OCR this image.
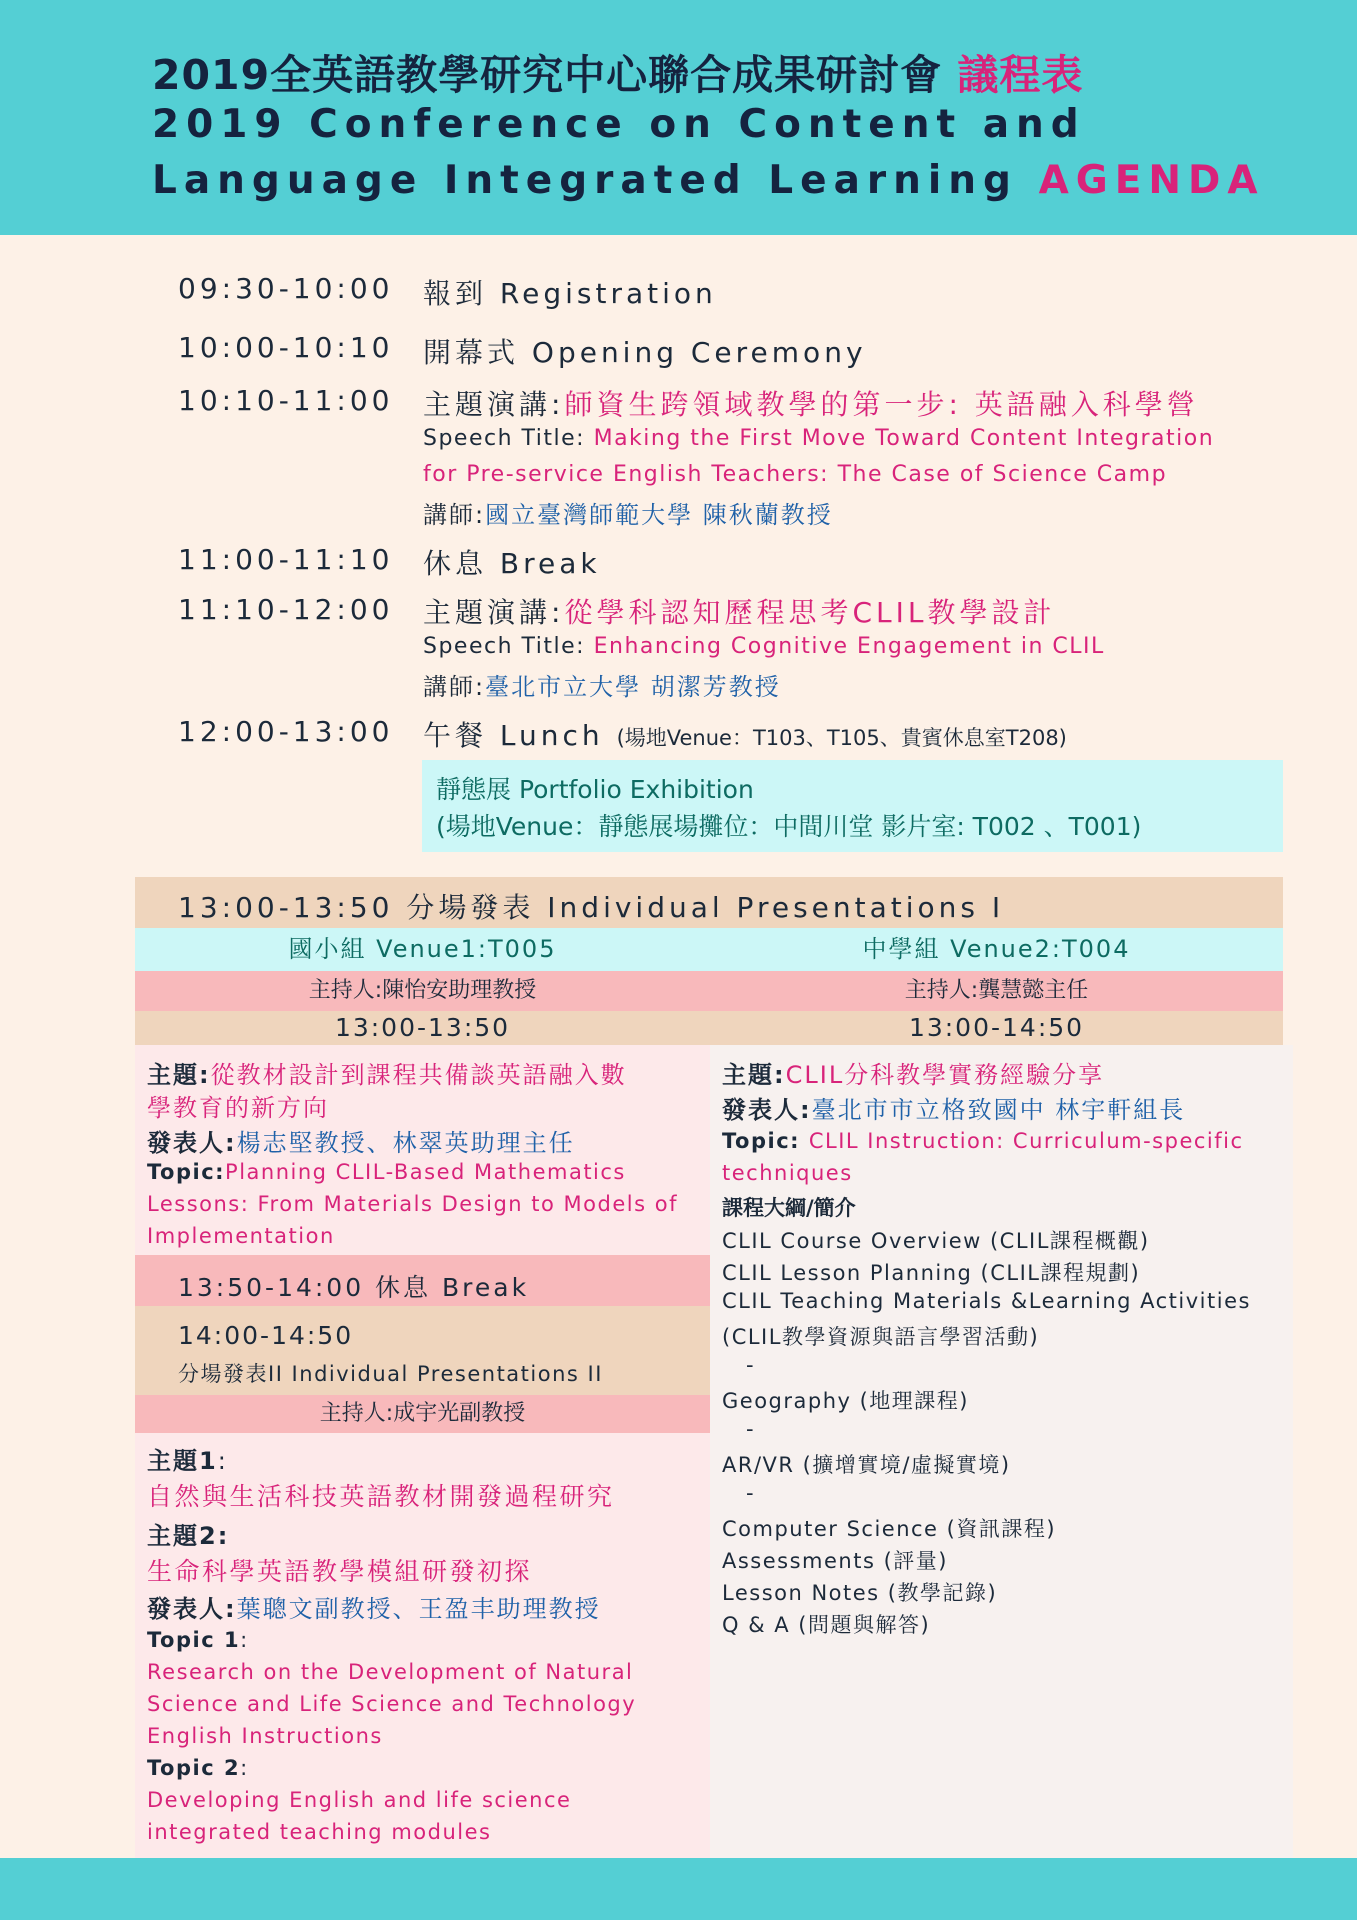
2019全英語教學研究中心聯合成果研討會 議程表
2019 Conference on Content and
Language Integrated Learning AGENDA
09:30-10:00 報到 Registration
10:00-10:10 開幕式 Opening Ceremony
10:10-11:00 主題演講:師資生跨領域教學的第一步: 英語融入科學營
Speech Title: Making the First Move Toward Content Integration
for Pre-service English Teachers: The Case of Science Camp
講師:國立臺灣師範大學 陳秋蘭教授
11:00-11:10 休息 Break
11:10-12:00 主題演講:從學科認知歷程思考CLIL教學設計
Speech Title: Enhancing Cognitive Engagement in CLIL
講師:臺北市立大學 胡潔芳教授
12:00-13:00 午餐 Lunch (場地Venue：T103、T105、貴賓休息室T208)
靜態展 Portfolio Exhibition
(場地Venue：靜態展場攤位：中間川堂 影片室: T002 、T001)
13:00-13:50 分場發表 Individual Presentations I
國小組 Venue1:T005	中學組 Venue2:T004
主持人:陳怡安助理教授	主持人:龔慧懿主任
13:00-13:50	13:00-14:50
主題:從教材設計到課程共備談英語融入數
學教育的新方向
發表人:楊志堅教授、林翠英助理主任
Topic:Planning CLIL-Based Mathematics
Lessons: From Materials Design to Models of
Implementation
13:50-14:00 休息 Break
14:00-14:50
分場發表II Individual Presentations II
主持人:成宇光副教授
主題1:
自然與生活科技英語教材開發過程研究
主題2:
生命科學英語教學模組研發初探
發表人:葉聰文副教授、王盈丰助理教授
Topic 1:
Research on the Development of Natural
Science and Life Science and Technology
English Instructions
Topic 2:
Developing English and life science
integrated teaching modules
主題:CLIL分科教學實務經驗分享
發表人:臺北市市立格致國中 林宇軒組長
Topic: CLIL Instruction: Curriculum-specific
techniques
課程大綱/簡介
CLIL Course Overview (CLIL課程概觀)
CLIL Lesson Planning (CLIL課程規劃)
CLIL Teaching Materials &Learning Activities
(CLIL教學資源與語言學習活動)
-
Geography (地理課程)
-
AR/VR (擴增實境/虛擬實境)
-
Computer Science (資訊課程)
Assessments (評量)
Lesson Notes (教學記錄)
Q & A (問題與解答)
